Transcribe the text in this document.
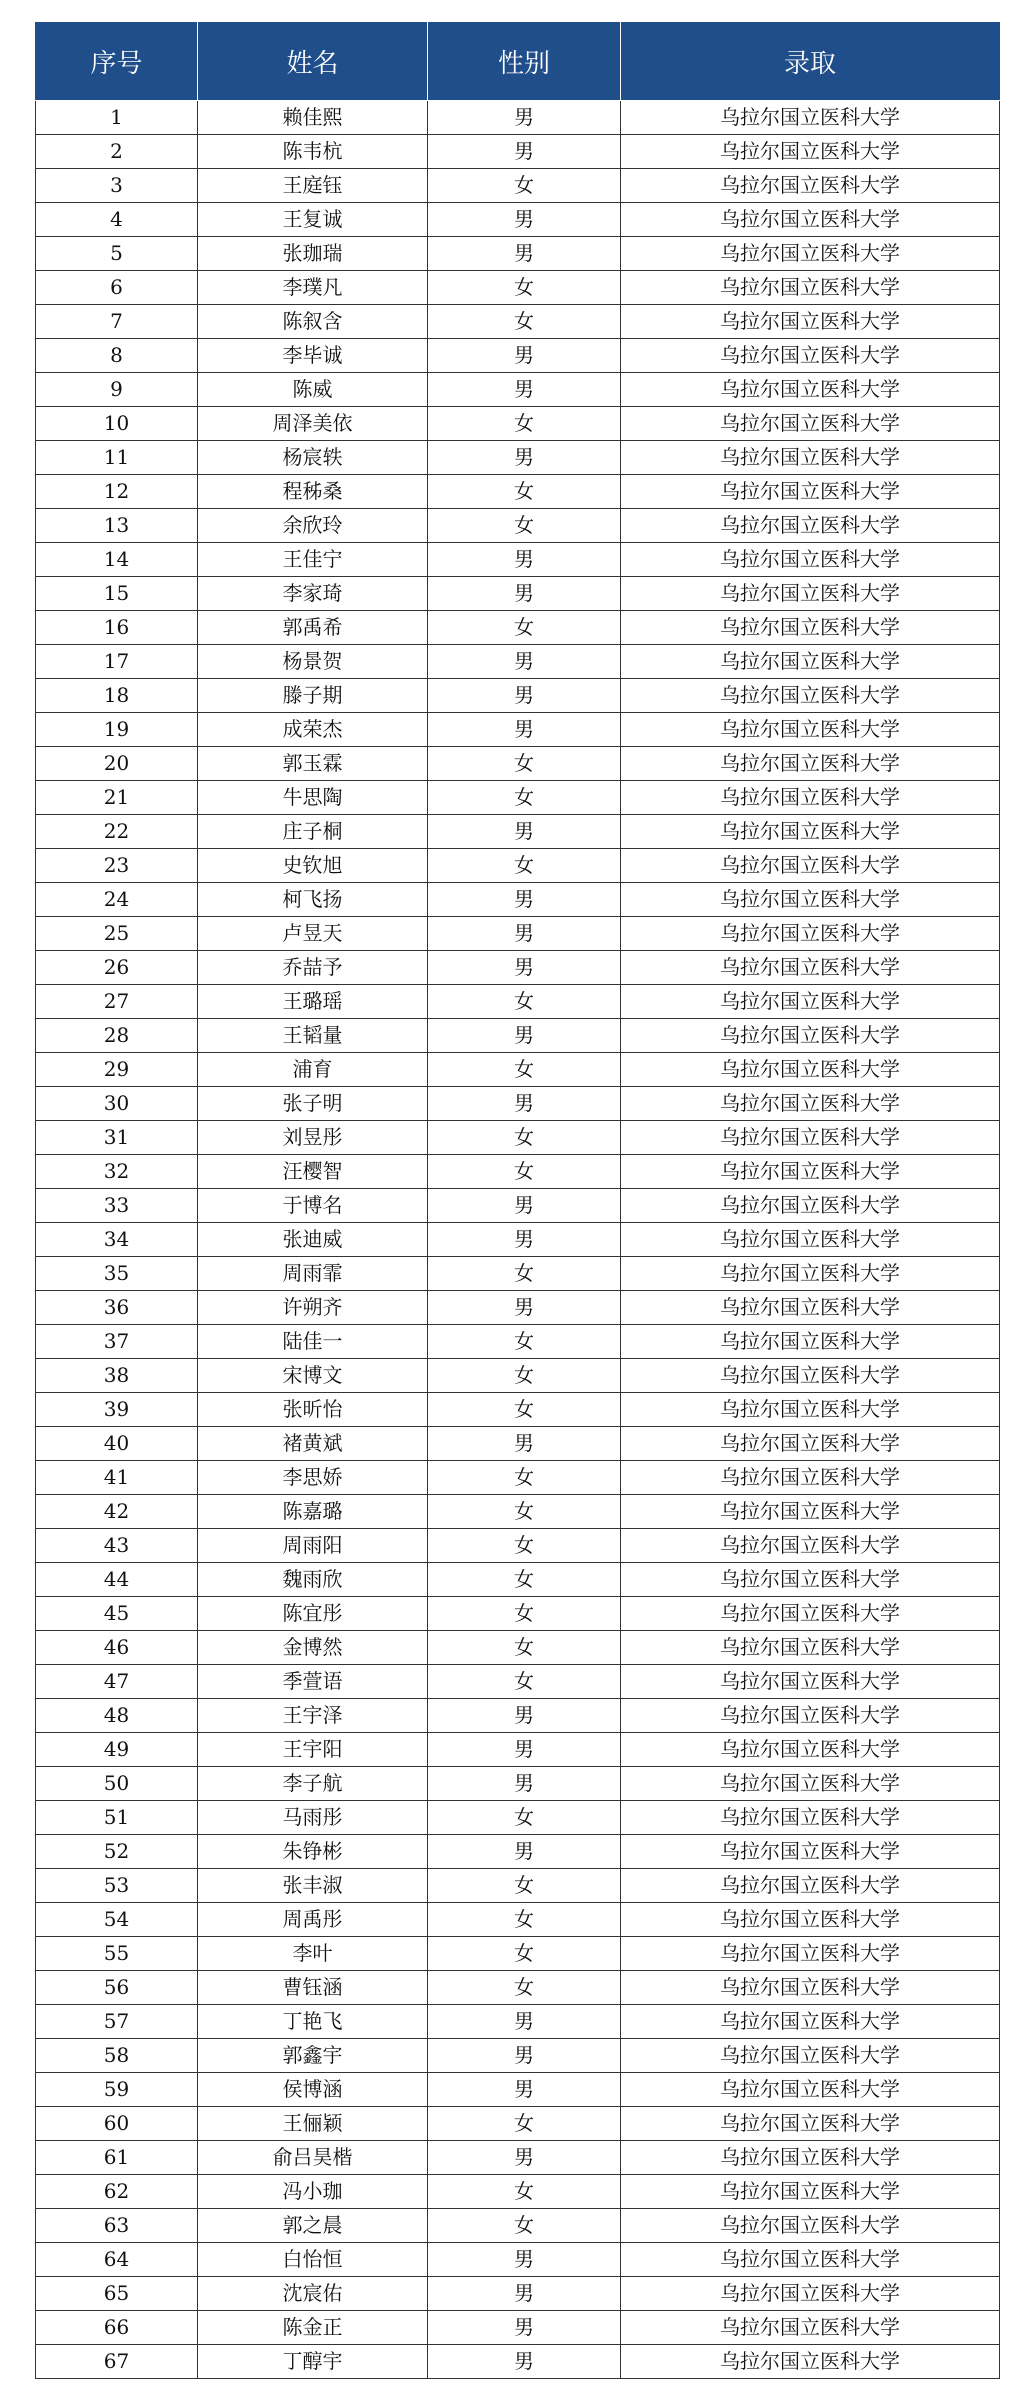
序号	姓名	性别	录取
1	赖佳熙	男	乌拉尔国立医科大学
2	陈韦杭	男	乌拉尔国立医科大学
3	王庭钰	女	乌拉尔国立医科大学
4	王复诚	男	乌拉尔国立医科大学
5	张珈瑞	男	乌拉尔国立医科大学
6	李璞凡	女	乌拉尔国立医科大学
7	陈叙含	女	乌拉尔国立医科大学
8	李毕诚	男	乌拉尔国立医科大学
9	陈威	男	乌拉尔国立医科大学
10	周泽美依	女	乌拉尔国立医科大学
11	杨宸轶	男	乌拉尔国立医科大学
12	程秭桑	女	乌拉尔国立医科大学
13	余欣玲	女	乌拉尔国立医科大学
14	王佳宁	男	乌拉尔国立医科大学
15	李家琦	男	乌拉尔国立医科大学
16	郭禹希	女	乌拉尔国立医科大学
17	杨景贺	男	乌拉尔国立医科大学
18	滕子期	男	乌拉尔国立医科大学
19	成荣杰	男	乌拉尔国立医科大学
20	郭玉霖	女	乌拉尔国立医科大学
21	牛思陶	女	乌拉尔国立医科大学
22	庄子桐	男	乌拉尔国立医科大学
23	史钦旭	女	乌拉尔国立医科大学
24	柯飞扬	男	乌拉尔国立医科大学
25	卢昱天	男	乌拉尔国立医科大学
26	乔喆予	男	乌拉尔国立医科大学
27	王璐瑶	女	乌拉尔国立医科大学
28	王韬量	男	乌拉尔国立医科大学
29	浦育	女	乌拉尔国立医科大学
30	张子明	男	乌拉尔国立医科大学
31	刘昱彤	女	乌拉尔国立医科大学
32	汪樱智	女	乌拉尔国立医科大学
33	于博名	男	乌拉尔国立医科大学
34	张迪威	男	乌拉尔国立医科大学
35	周雨霏	女	乌拉尔国立医科大学
36	许朔齐	男	乌拉尔国立医科大学
37	陆佳一	女	乌拉尔国立医科大学
38	宋博文	女	乌拉尔国立医科大学
39	张昕怡	女	乌拉尔国立医科大学
40	褚黄斌	男	乌拉尔国立医科大学
41	李思娇	女	乌拉尔国立医科大学
42	陈嘉璐	女	乌拉尔国立医科大学
43	周雨阳	女	乌拉尔国立医科大学
44	魏雨欣	女	乌拉尔国立医科大学
45	陈宜彤	女	乌拉尔国立医科大学
46	金博然	女	乌拉尔国立医科大学
47	季萱语	女	乌拉尔国立医科大学
48	王宇泽	男	乌拉尔国立医科大学
49	王宇阳	男	乌拉尔国立医科大学
50	李子航	男	乌拉尔国立医科大学
51	马雨彤	女	乌拉尔国立医科大学
52	朱铮彬	男	乌拉尔国立医科大学
53	张丰淑	女	乌拉尔国立医科大学
54	周禹彤	女	乌拉尔国立医科大学
55	李叶	女	乌拉尔国立医科大学
56	曹钰涵	女	乌拉尔国立医科大学
57	丁艳飞	男	乌拉尔国立医科大学
58	郭鑫宇	男	乌拉尔国立医科大学
59	侯博涵	男	乌拉尔国立医科大学
60	王俪颖	女	乌拉尔国立医科大学
61	俞吕昊楷	男	乌拉尔国立医科大学
62	冯小珈	女	乌拉尔国立医科大学
63	郭之晨	女	乌拉尔国立医科大学
64	白怡恒	男	乌拉尔国立医科大学
65	沈宸佑	男	乌拉尔国立医科大学
66	陈金正	男	乌拉尔国立医科大学
67	丁醇宇	男	乌拉尔国立医科大学
